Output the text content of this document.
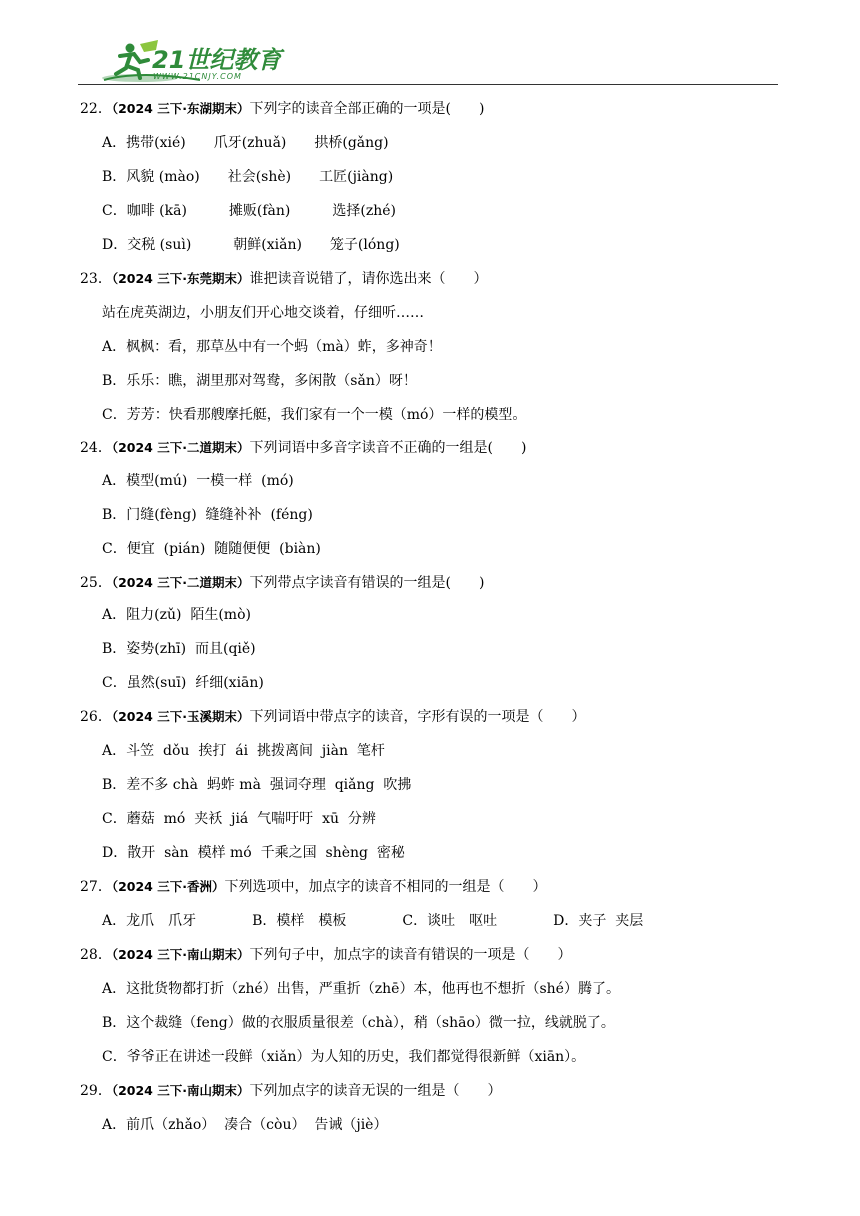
21世纪教育
WWW.21CNJY.COM
22．（2024 三下·东湖期末）下列字的读音全部正确的一项是(　　)
A．携带(xié)　　爪牙(zhuǎ)　　拱桥(gǎng)
B．风貌 (mào)　　社会(shè)　　工匠(jiàng)
C．咖啡 (kā)　　　摊贩(fàn)　　　选择(zhé)
D．交税 (suì)　　　朝鲜(xiǎn)　　笼子(lóng)
23．（2024 三下·东莞期末）谁把读音说错了，请你选出来（　　）
站在虎英湖边，小朋友们开心地交谈着，仔细听……
A．枫枫：看，那草丛中有一个蚂（mà）蚱，多神奇！
B．乐乐：瞧，湖里那对驾鸯，多闲散（sǎn）呀！
C．芳芳：快看那艘摩托艇，我们家有一个一模（mó）一样的模型。
24．（2024 三下·二道期末）下列词语中多音字读音不正确的一组是(　　)
A．模型(mú)  一模一样  (mó)
B．门缝(fèng)  缝缝补补  (féng)
C．便宜  (pián)  随随便便  (biàn)
25．（2024 三下·二道期末）下列带点字读音有错误的一组是(　　)
A．阻力(zǔ)  陌生(mò)
B．姿势(zhī)  而且(qiě)
C．虽然(suī)  纤细(xiān)
26．（2024 三下·玉溪期末）下列词语中带点字的读音，字形有误的一项是（　　）
A．斗笠  dǒu  挨打  ái  挑拨离间  jiàn  笔杆
B．差不多 chà  蚂蚱 mà  强词夺理  qiǎng  吹拂
C．蘑菇  mó  夹袄  jiá  气喘吁吁  xū  分辨
D．散开  sàn  模样 mó  千乘之国  shèng  密秘
27．（2024 三下·香洲）下列选项中，加点字的读音不相同的一组是（　　）
A．龙爪　爪牙　　　　B．模样　模板　　　　C．谈吐　呕吐　　　　D．夹子  夹层
28．（2024 三下·南山期末）下列句子中，加点字的读音有错误的一项是（　　）
A．这批货物都打折（zhé）出售，严重折（zhē）本，他再也不想折（shé）腾了。
B．这个裁缝（feng）做的衣服质量很差（chà），稍（shāo）微一拉，线就脱了。
C．爷爷正在讲述一段鲜（xiǎn）为人知的历史，我们都觉得很新鲜（xiān）。
29．（2024 三下·南山期末）下列加点字的读音无误的一组是（　　）
A．前爪（zhǎo）  凑合（còu）  告诫（jiè）
